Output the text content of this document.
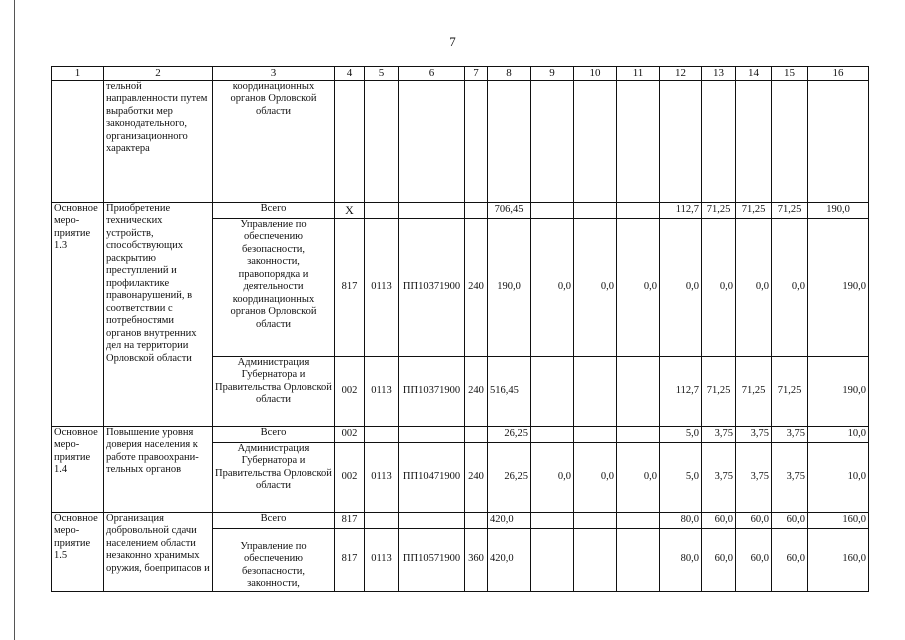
7
1	2	3	4	5	6	7	8	9	10	11	12	13	14	15	16
	тельной направленности путем выработки мер законодательного, организационного характера	координационных органов Орловской области													
Основное меро-приятие 1.3	Приобретение технических устройств, способствующих раскрытию преступлений и профилактике правонарушений, в соответствии с потребностями органов внутренних дел на территории Орловской области	Всего	X				706,45				112,7	71,25	71,25	71,25	190,0
		Управление по обеспечению безопасности, законности, правопорядка и деятельности координационных органов Орловской области	817	0113	ПП10371900	240	190,0	0,0	0,0	0,0	0,0	0,0	0,0	0,0	190,0
		Администрация Губернатора и Правительства Орловской области	002	0113	ПП10371900	240	516,45				112,7	71,25	71,25	71,25	190,0
Основное меро-приятие 1.4	Повышение уровня доверия населения к работе правоохрани-тельных органов	Всего	002				26,25				5,0	3,75	3,75	3,75	10,0
		Администрация Губернатора и Правительства Орловской области	002	0113	ПП10471900	240	26,25	0,0	0,0	0,0	5,0	3,75	3,75	3,75	10,0
Основное меро-приятие 1.5	Организация добровольной сдачи населением области незаконно хранимых оружия, боеприпасов и	Всего	817				420,0				80,0	60,0	60,0	60,0	160,0
		Управление по обеспечению безопасности, законности,	817	0113	ПП10571900	360	420,0				80,0	60,0	60,0	60,0	160,0
